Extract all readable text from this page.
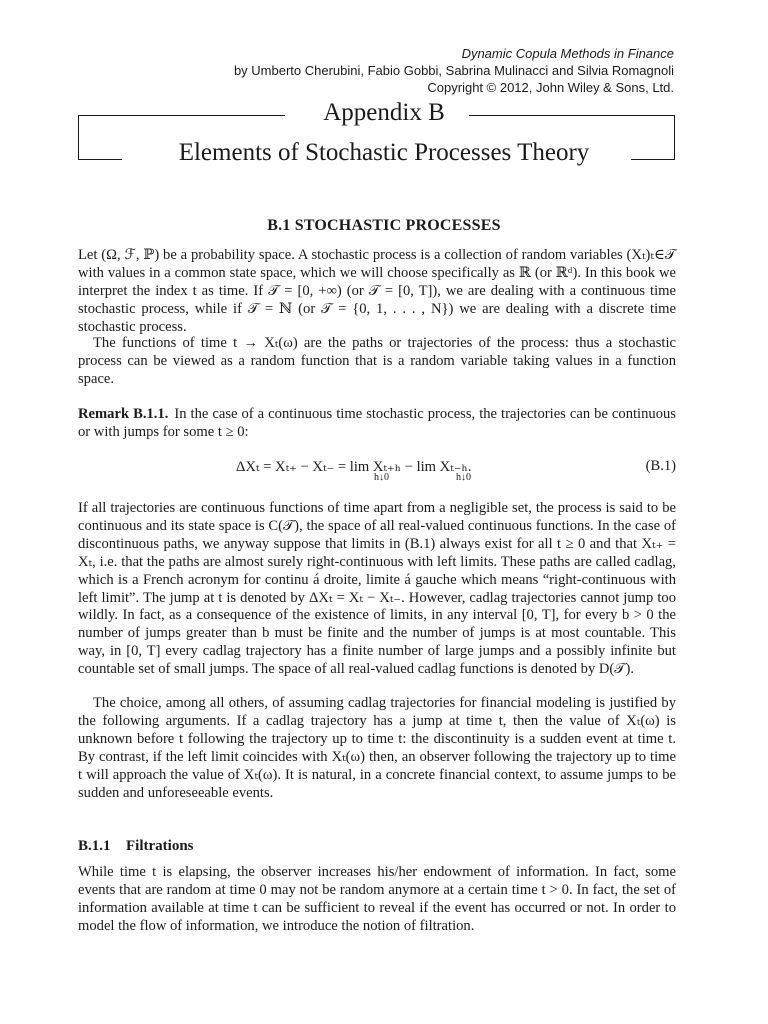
Dynamic Copula Methods in Finance
by Umberto Cherubini, Fabio Gobbi, Sabrina Mulinacci and Silvia Romagnoli
Copyright © 2012, John Wiley & Sons, Ltd.
Appendix B
Elements of Stochastic Processes Theory
B.1 STOCHASTIC PROCESSES

Let (Ω, ℱ, ℙ) be a probability space. A stochastic process is a collection of random variables (Xₜ)ₜ∈𝒯 with values in a common state space, which we will choose specifically as ℝ (or ℝᵈ). In this book we interpret the index t as time. If 𝒯 = [0, +∞) (or 𝒯 = [0, T]), we are dealing with a continuous time stochastic process, while if 𝒯 = ℕ (or 𝒯 = {0, 1, . . . , N}) we are dealing with a discrete time stochastic process.

The functions of time t → Xₜ(ω) are the paths or trajectories of the process: thus a stochastic process can be viewed as a random function that is a random variable taking values in a function space.

Remark B.1.1. In the case of a continuous time stochastic process, the trajectories can be continuous or with jumps for some t ≥ 0:

ΔXₜ = Xₜ₊ − Xₜ₋ = lim Xₜ₊ₕ − lim Xₜ₋ₕ.
h↓0	h↓0
(B.1)

If all trajectories are continuous functions of time apart from a negligible set, the process is said to be continuous and its state space is C(𝒯), the space of all real-valued continuous functions. In the case of discontinuous paths, we anyway suppose that limits in (B.1) always exist for all t ≥ 0 and that Xₜ₊ = Xₜ, i.e. that the paths are almost surely right-continuous with left limits. These paths are called cadlag, which is a French acronym for continu á droite, limite á gauche which means “right-continuous with left limit”. The jump at t is denoted by ΔXₜ = Xₜ − Xₜ₋. However, cadlag trajectories cannot jump too wildly. In fact, as a consequence of the existence of limits, in any interval [0, T], for every b > 0 the number of jumps greater than b must be finite and the number of jumps is at most countable. This way, in [0, T] every cadlag trajectory has a finite number of large jumps and a possibly infinite but countable set of small jumps. The space of all real-valued cadlag functions is denoted by D(𝒯).

The choice, among all others, of assuming cadlag trajectories for financial modeling is justified by the following arguments. If a cadlag trajectory has a jump at time t, then the value of Xₜ(ω) is unknown before t following the trajectory up to time t: the discontinuity is a sudden event at time t. By contrast, if the left limit coincides with Xₜ(ω) then, an observer following the trajectory up to time t will approach the value of Xₜ(ω). It is natural, in a concrete financial context, to assume jumps to be sudden and unforeseeable events.

B.1.1 Filtrations

While time t is elapsing, the observer increases his/her endowment of information. In fact, some events that are random at time 0 may not be random anymore at a certain time t > 0. In fact, the set of information available at time t can be sufficient to reveal if the event has occurred or not. In order to model the flow of information, we introduce the notion of filtration.
